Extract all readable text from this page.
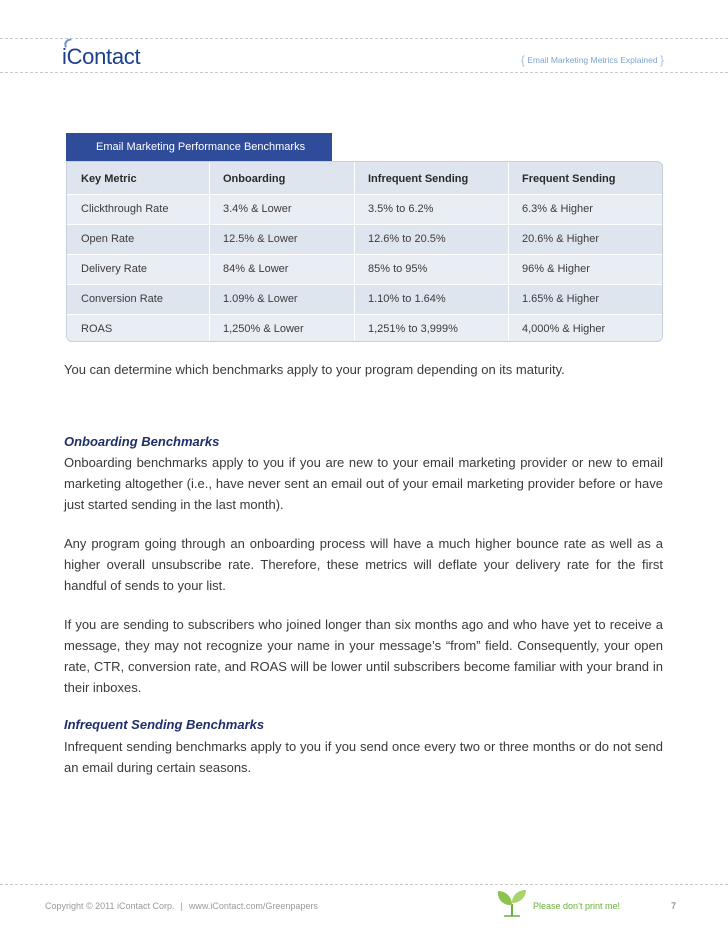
iContact	{ Email Marketing Metrics Explained }
Email Marketing Performance Benchmarks
Key Metric	Onboarding	Infrequent Sending	Frequent Sending
Clickthrough Rate	3.4% & Lower	3.5% to 6.2%	6.3% & Higher
Open Rate	12.5% & Lower	12.6% to 20.5%	20.6% & Higher
Delivery Rate	84% & Lower	85% to 95%	96% & Higher
Conversion Rate	1.09% & Lower	1.10% to 1.64%	1.65% & Higher
ROAS	1,250% & Lower	1,251% to 3,999%	4,000% & Higher
You can determine which benchmarks apply to your program depending on its maturity.
Onboarding Benchmarks
Onboarding benchmarks apply to you if you are new to your email marketing provider or new to email marketing altogether (i.e., have never sent an email out of your email marketing provider before or have just started sending in the last month).
Any program going through an onboarding process will have a much higher bounce rate as well as a higher overall unsubscribe rate. Therefore, these metrics will deflate your delivery rate for the first handful of sends to your list.
If you are sending to subscribers who joined longer than six months ago and who have yet to receive a message, they may not recognize your name in your message’s “from” field. Consequently, your open rate, CTR, conversion rate, and ROAS will be lower until subscribers become familiar with your brand in their inboxes.
Infrequent Sending Benchmarks
Infrequent sending benchmarks apply to you if you send once every two or three months or do not send an email during certain seasons.
Copyright © 2011 iContact Corp. | www.iContact.com/Greenpapers	Please don’t print me!	7
